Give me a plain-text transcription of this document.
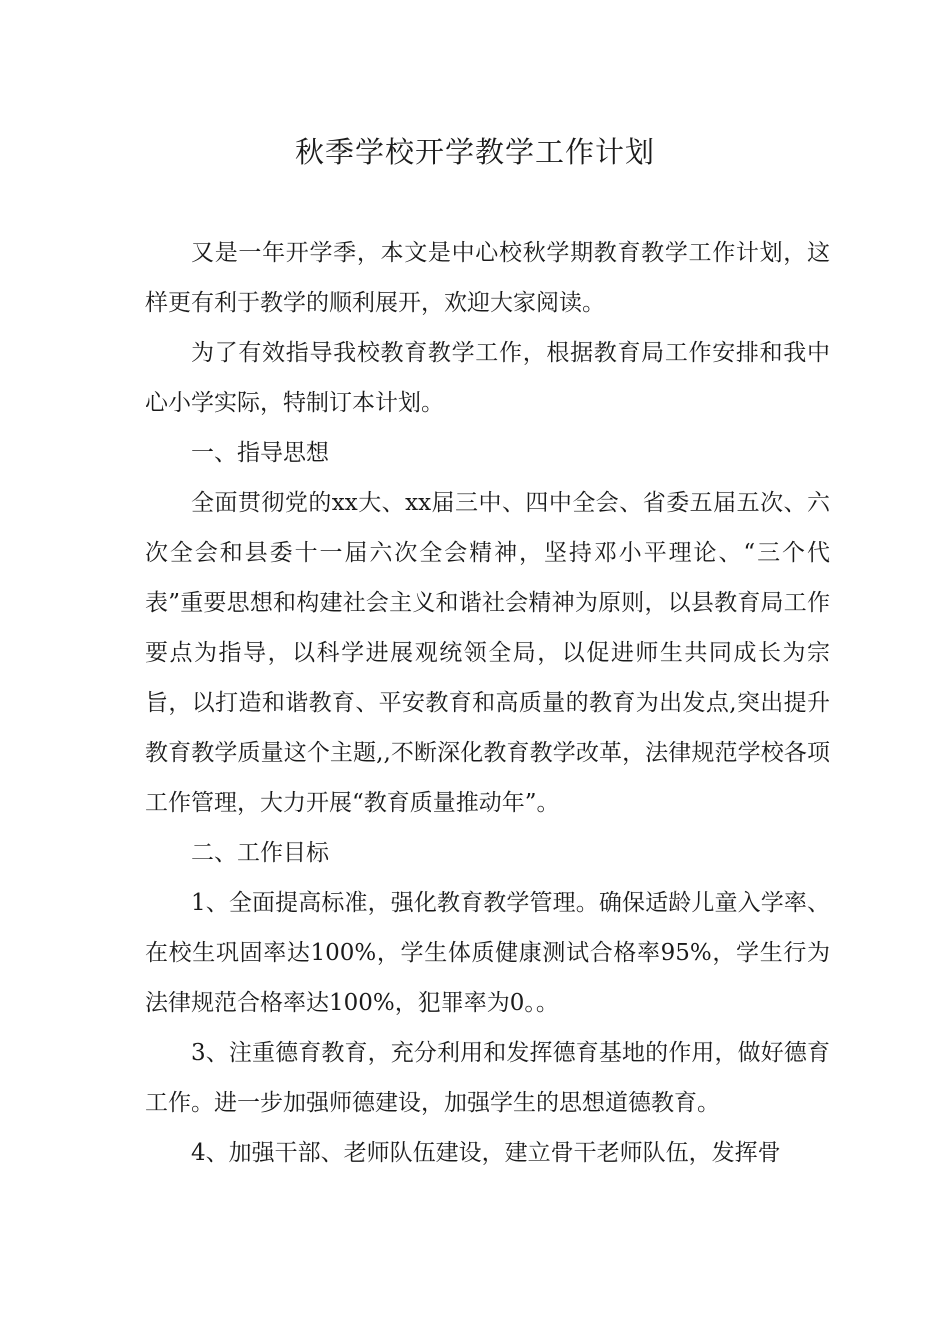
秋季学校开学教学工作计划

又是一年开学季，本文是中心校秋学期教育教学工作计划，这样更有利于教学的顺利展开，欢迎大家阅读。

为了有效指导我校教育教学工作，根据教育局工作安排和我中心小学实际，特制订本计划。

一、指导思想

全面贯彻党的xx大、xx届三中、四中全会、省委五届五次、六次全会和县委十一届六次全会精神，坚持邓小平理论、“三个代表”重要思想和构建社会主义和谐社会精神为原则，以县教育局工作要点为指导，以科学进展观统领全局，以促进师生共同成长为宗旨，以打造和谐教育、平安教育和高质量的教育为出发点,突出提升教育教学质量这个主题,,不断深化教育教学改革，法律规范学校各项工作管理，大力开展“教育质量推动年”。

二、工作目标

1、全面提高标准，强化教育教学管理。确保适龄儿童入学率、在校生巩固率达100%，学生体质健康测试合格率95%，学生行为法律规范合格率达100%，犯罪率为0。。

3、注重德育教育，充分利用和发挥德育基地的作用，做好德育工作。进一步加强师德建设，加强学生的思想道德教育。

4、加强干部、老师队伍建设，建立骨干老师队伍，发挥骨
